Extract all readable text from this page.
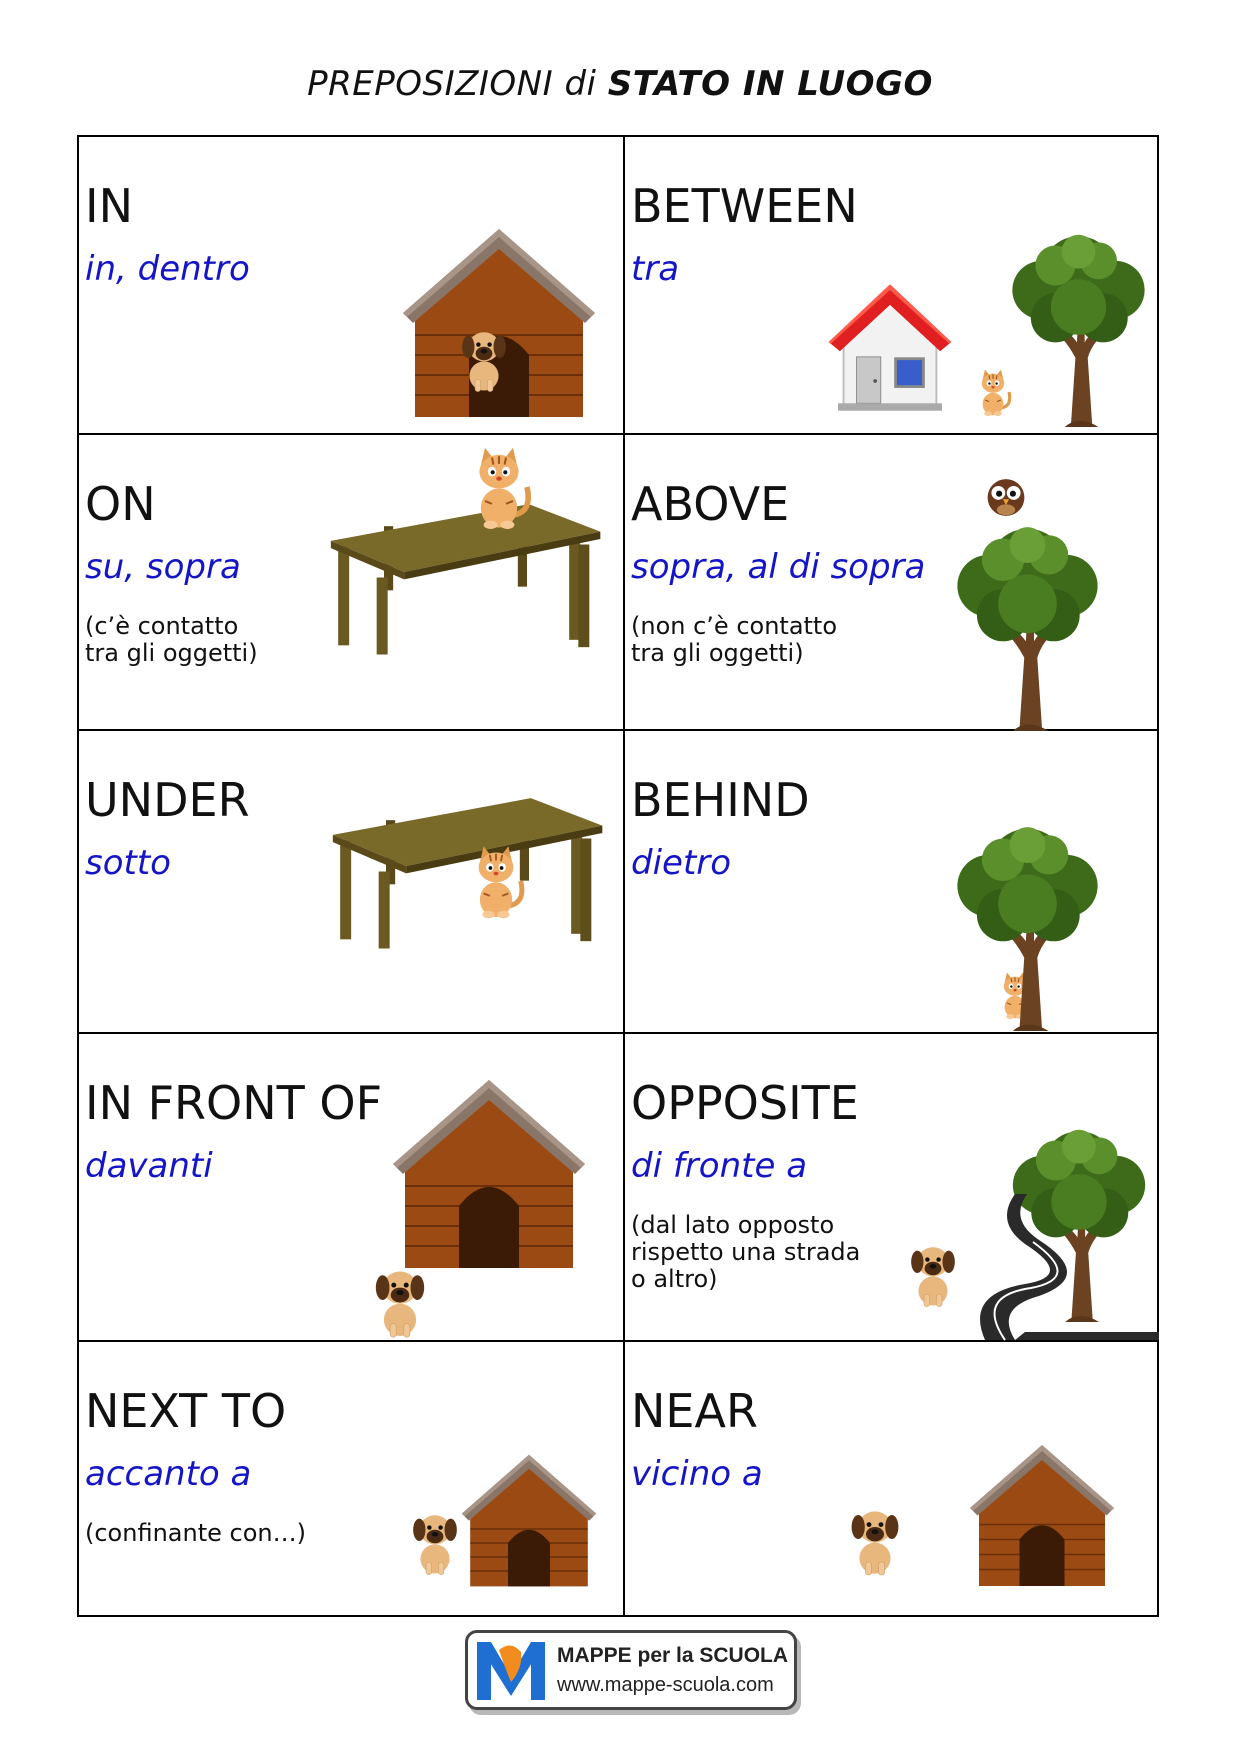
PREPOSIZIONI di STATO IN LUOGO
IN
in, dentro
BETWEEN
tra
ON
su, sopra
(c’è contatto
tra gli oggetti)
ABOVE
sopra, al di sopra
(non c’è contatto
tra gli oggetti)
UNDER
sotto
BEHIND
dietro
IN FRONT OF
davanti
OPPOSITE
di fronte a
(dal lato opposto
rispetto una strada
o altro)
NEXT TO
accanto a
(confinante con…)
NEAR
vicino a
MAPPE per la SCUOLA
www.mappe-scuola.com
